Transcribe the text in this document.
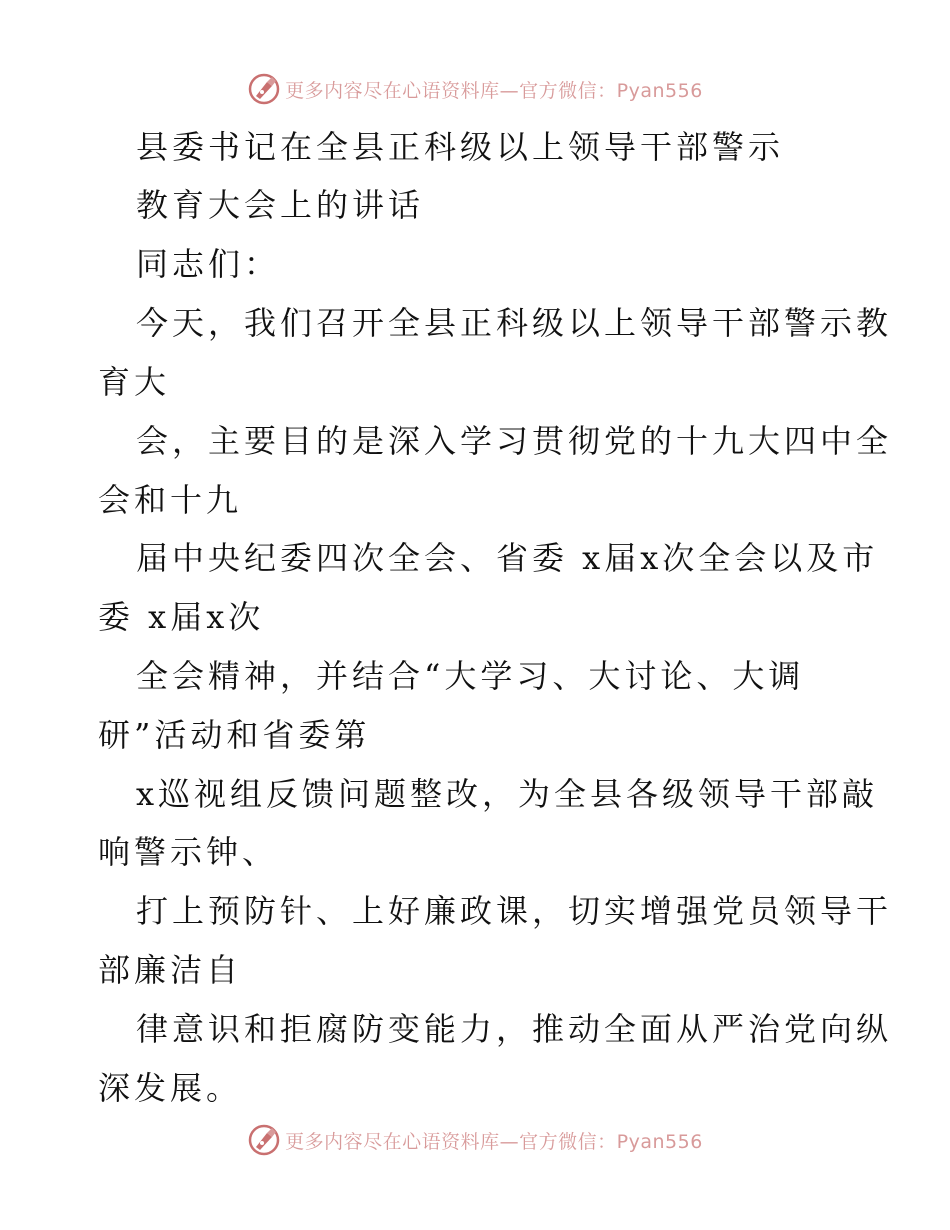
更多内容尽在心语资料库—官方微信：Pyan556
县委书记在全县正科级以上领导干部警示
教育大会上的讲话
同志们：
今天，我们召开全县正科级以上领导干部警示教
育大
会，主要目的是深入学习贯彻党的十九大四中全
会和十九
届中央纪委四次全会、省委 x届x次全会以及市
委 x届x次
全会精神，并结合“大学习、大讨论、大调
研”活动和省委第
x巡视组反馈问题整改，为全县各级领导干部敲
响警示钟、
打上预防针、上好廉政课，切实增强党员领导干
部廉洁自
律意识和拒腐防变能力，推动全面从严治党向纵
深发展。
更多内容尽在心语资料库—官方微信：Pyan556
